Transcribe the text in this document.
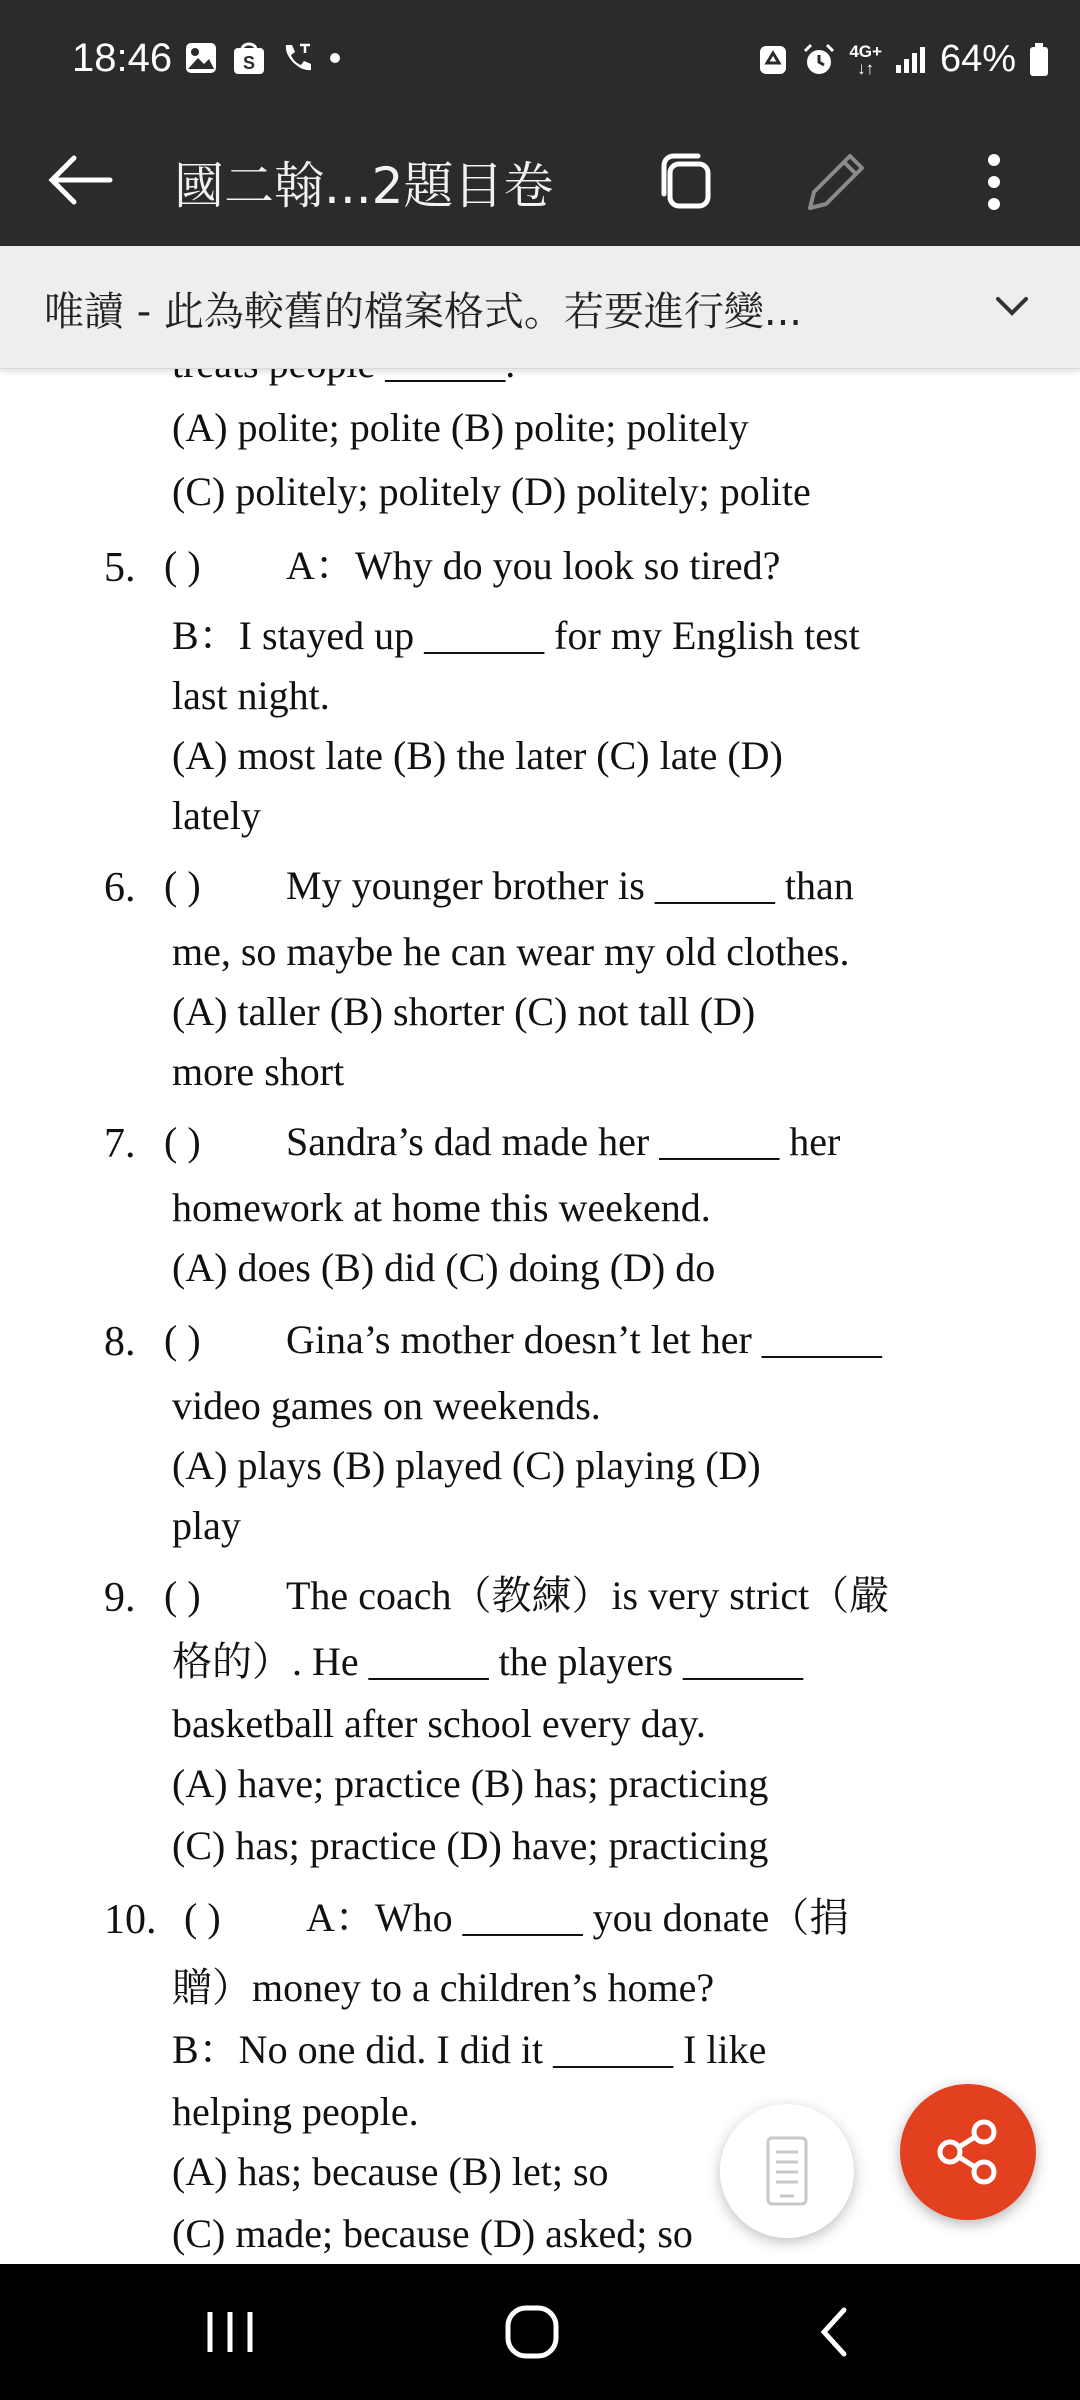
18:46	S
4G+
↓↑ 64%
國二翰...2題目卷
唯讀 - 此為較舊的檔案格式。若要進行變...
(A) polite; polite (B) polite; politely
(C) politely; politely (D) politely; polite
5. ( ) A：Why do you look so tired?
B：I stayed up ______ for my English test
last night.
(A) most late (B) the later (C) late (D)
lately
6. ( ) My younger brother is ______ than
me, so maybe he can wear my old clothes.
(A) taller (B) shorter (C) not tall (D)
more short
7. ( ) Sandra’s dad made her ______ her
homework at home this weekend.
(A) does (B) did (C) doing (D) do
8. ( ) Gina’s mother doesn’t let her ______
video games on weekends.
(A) plays (B) played (C) playing (D)
play
9. ( ) The coach（教練）is very strict（嚴
格的）. He ______ the players ______
basketball after school every day.
(A) have; practice (B) has; practicing
(C) has; practice (D) have; practicing
10. ( ) A：Who ______ you donate（捐
贈）money to a children’s home?
B：No one did. I did it ______ I like
helping people.
(A) has; because (B) let; so
(C) made; because (D) asked; so
